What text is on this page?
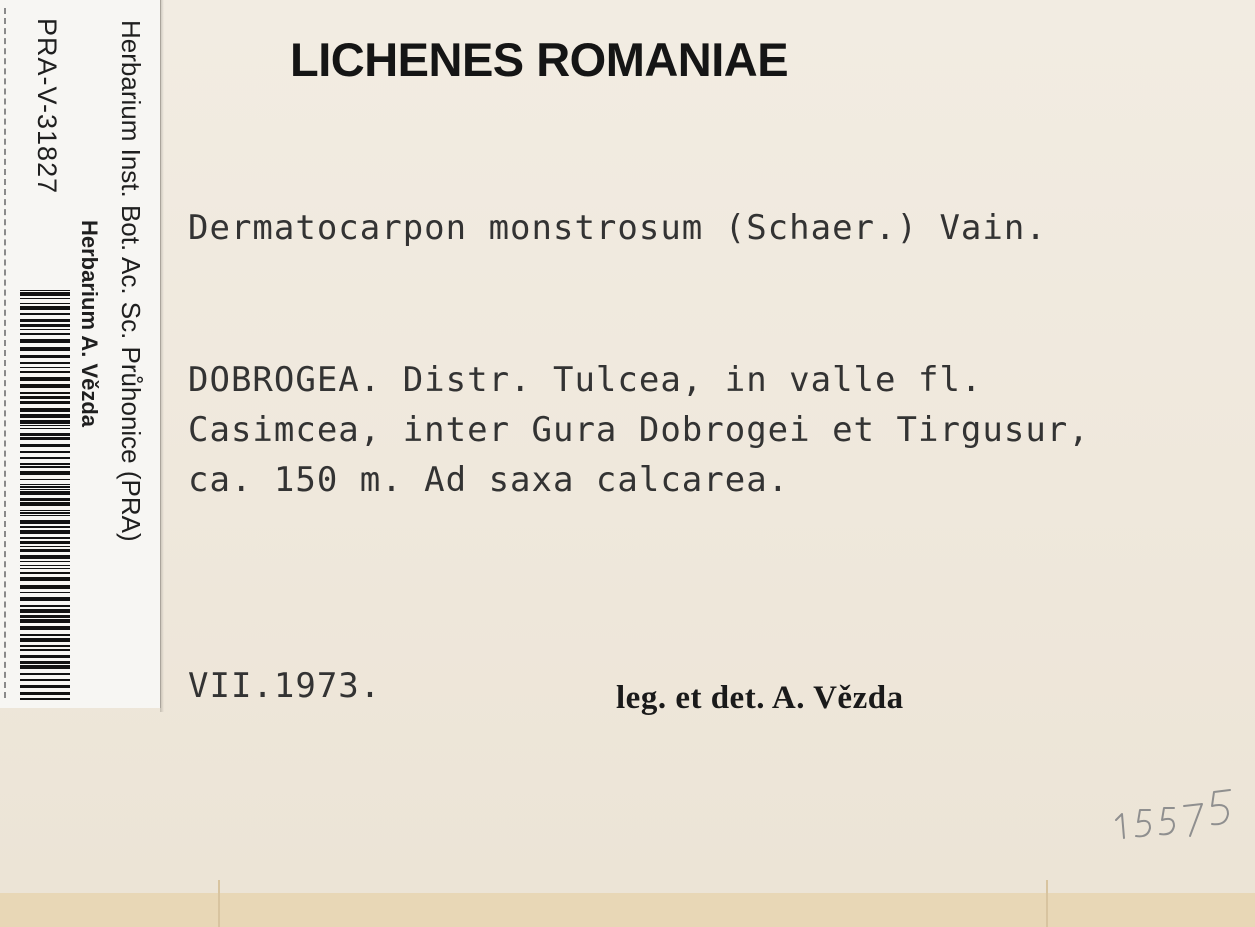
PRA-V-31827 Herbarium Inst. Bot. Ac. Sc. Průhonice (PRA)
Herbarium A. Vězda
LICHENES ROMANIAE
Dermatocarpon monstrosum (Schaer.) Vain.
DOBROGEA. Distr. Tulcea, in valle fl.
Casimcea, inter Gura Dobrogei et Tirgusur,
ca. 150 m. Ad saxa calcarea.
VII.1973.	leg. et det. A. Vězda
